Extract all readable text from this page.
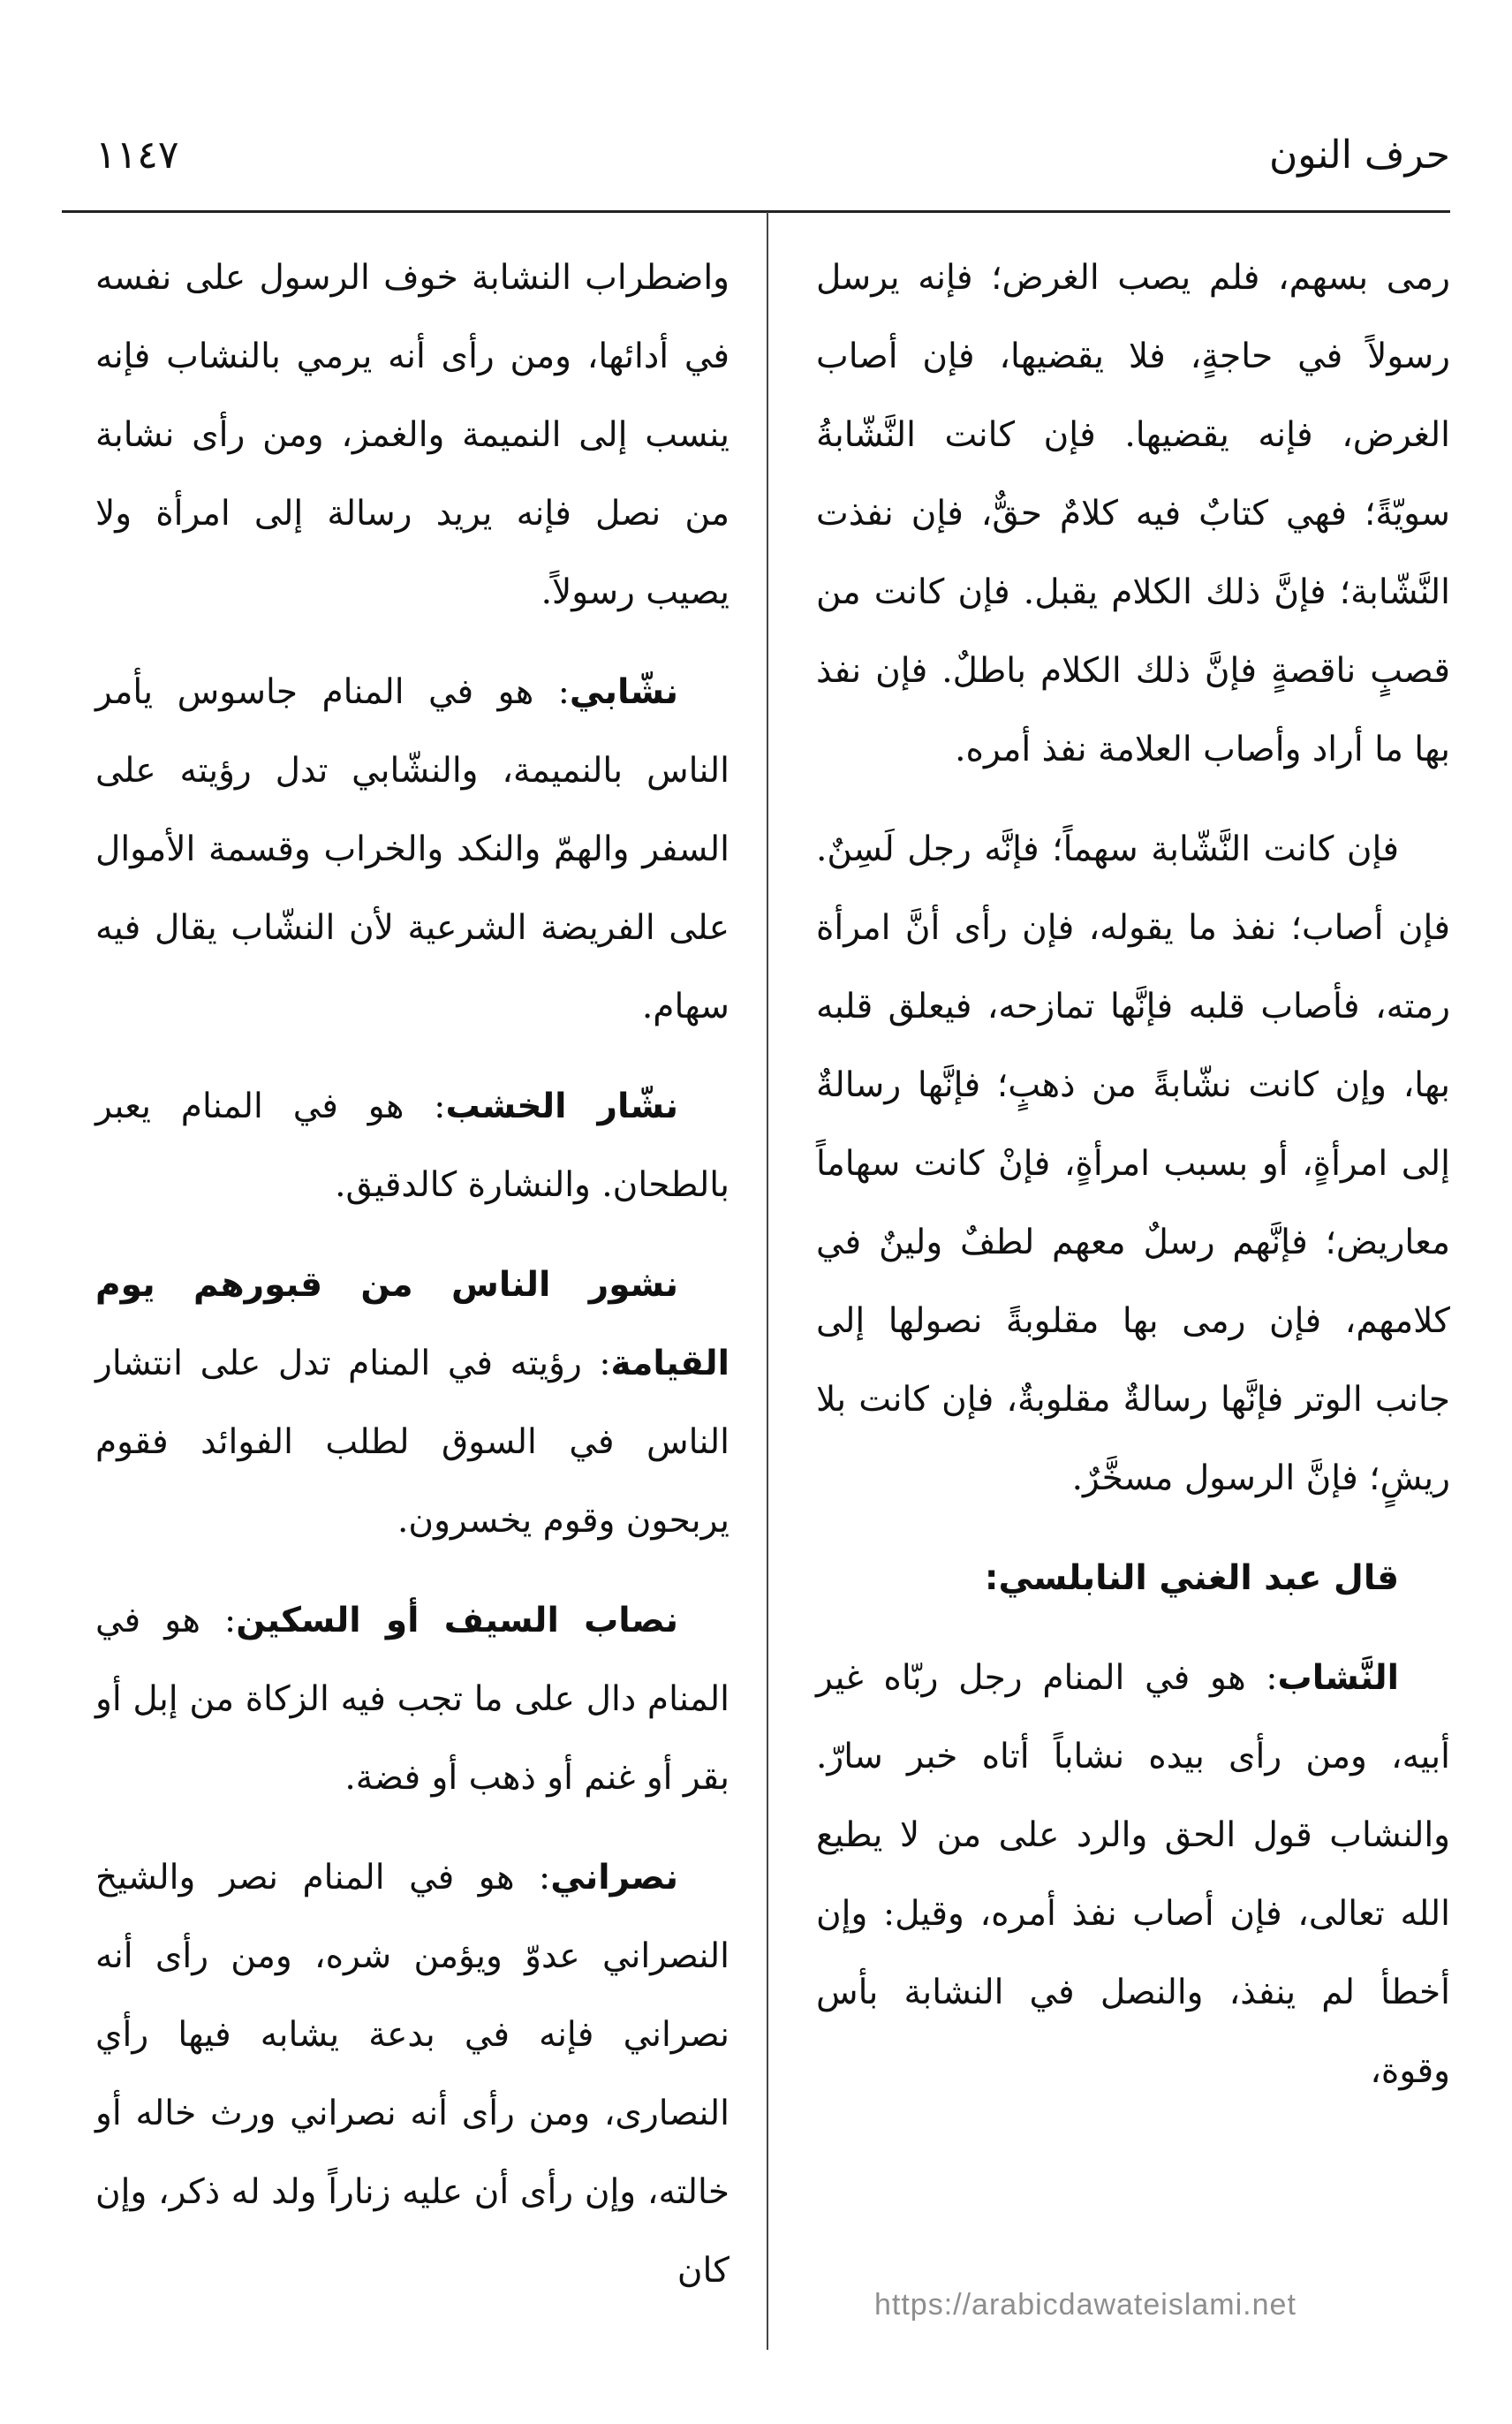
حرف النون
١١٤٧

رمى بسهم، فلم يصب الغرض؛ فإنه يرسل رسولاً في حاجةٍ، فلا يقضيها، فإن أصاب الغرض، فإنه يقضيها. فإن كانت النَّشّابةُ سويّةً؛ فهي كتابٌ فيه كلامٌ حقٌّ، فإن نفذت النَّشّابة؛ فإنَّ ذلك الكلام يقبل. فإن كانت من قصبٍ ناقصةٍ فإنَّ ذلك الكلام باطلٌ. فإن نفذ بها ما أراد وأصاب العلامة نفذ أمره.

فإن كانت النَّشّابة سهماً؛ فإنَّه رجل لَسِنٌ. فإن أصاب؛ نفذ ما يقوله، فإن رأى أنَّ امرأة رمته، فأصاب قلبه فإنَّها تمازحه، فيعلق قلبه بها، وإن كانت نشّابةً من ذهبٍ؛ فإنَّها رسالةٌ إلى امرأةٍ، أو بسبب امرأةٍ، فإنْ كانت سهاماً معاريض؛ فإنَّهم رسلٌ معهم لطفٌ ولينٌ في كلامهم، فإن رمى بها مقلوبةً نصولها إلى جانب الوتر فإنَّها رسالةٌ مقلوبةٌ، فإن كانت بلا ريشٍ؛ فإنَّ الرسول مسخَّرٌ.

قال عبد الغني النابلسي:

النَّشاب: هو في المنام رجل ربّاه غير أبيه، ومن رأى بيده نشاباً أتاه خبر سارّ. والنشاب قول الحق والرد على من لا يطيع الله تعالى، فإن أصاب نفذ أمره، وقيل: وإن أخطأ لم ينفذ، والنصل في النشابة بأس وقوة،

واضطراب النشابة خوف الرسول على نفسه في أدائها، ومن رأى أنه يرمي بالنشاب فإنه ينسب إلى النميمة والغمز، ومن رأى نشابة من نصل فإنه يريد رسالة إلى امرأة ولا يصيب رسولاً.

نشّابي: هو في المنام جاسوس يأمر الناس بالنميمة، والنشّابي تدل رؤيته على السفر والهمّ والنكد والخراب وقسمة الأموال على الفريضة الشرعية لأن النشّاب يقال فيه سهام.

نشّار الخشب: هو في المنام يعبر بالطحان. والنشارة كالدقيق.

نشور الناس من قبورهم يوم القيامة: رؤيته في المنام تدل على انتشار الناس في السوق لطلب الفوائد فقوم يربحون وقوم يخسرون.

نصاب السيف أو السكين: هو في المنام دال على ما تجب فيه الزكاة من إبل أو بقر أو غنم أو ذهب أو فضة.

نصراني: هو في المنام نصر والشيخ النصراني عدوّ ويؤمن شره، ومن رأى أنه نصراني فإنه في بدعة يشابه فيها رأي النصارى، ومن رأى أنه نصراني ورث خاله أو خالته، وإن رأى أن عليه زناراً ولد له ذكر، وإن كان

https://arabicdawateislami.net
